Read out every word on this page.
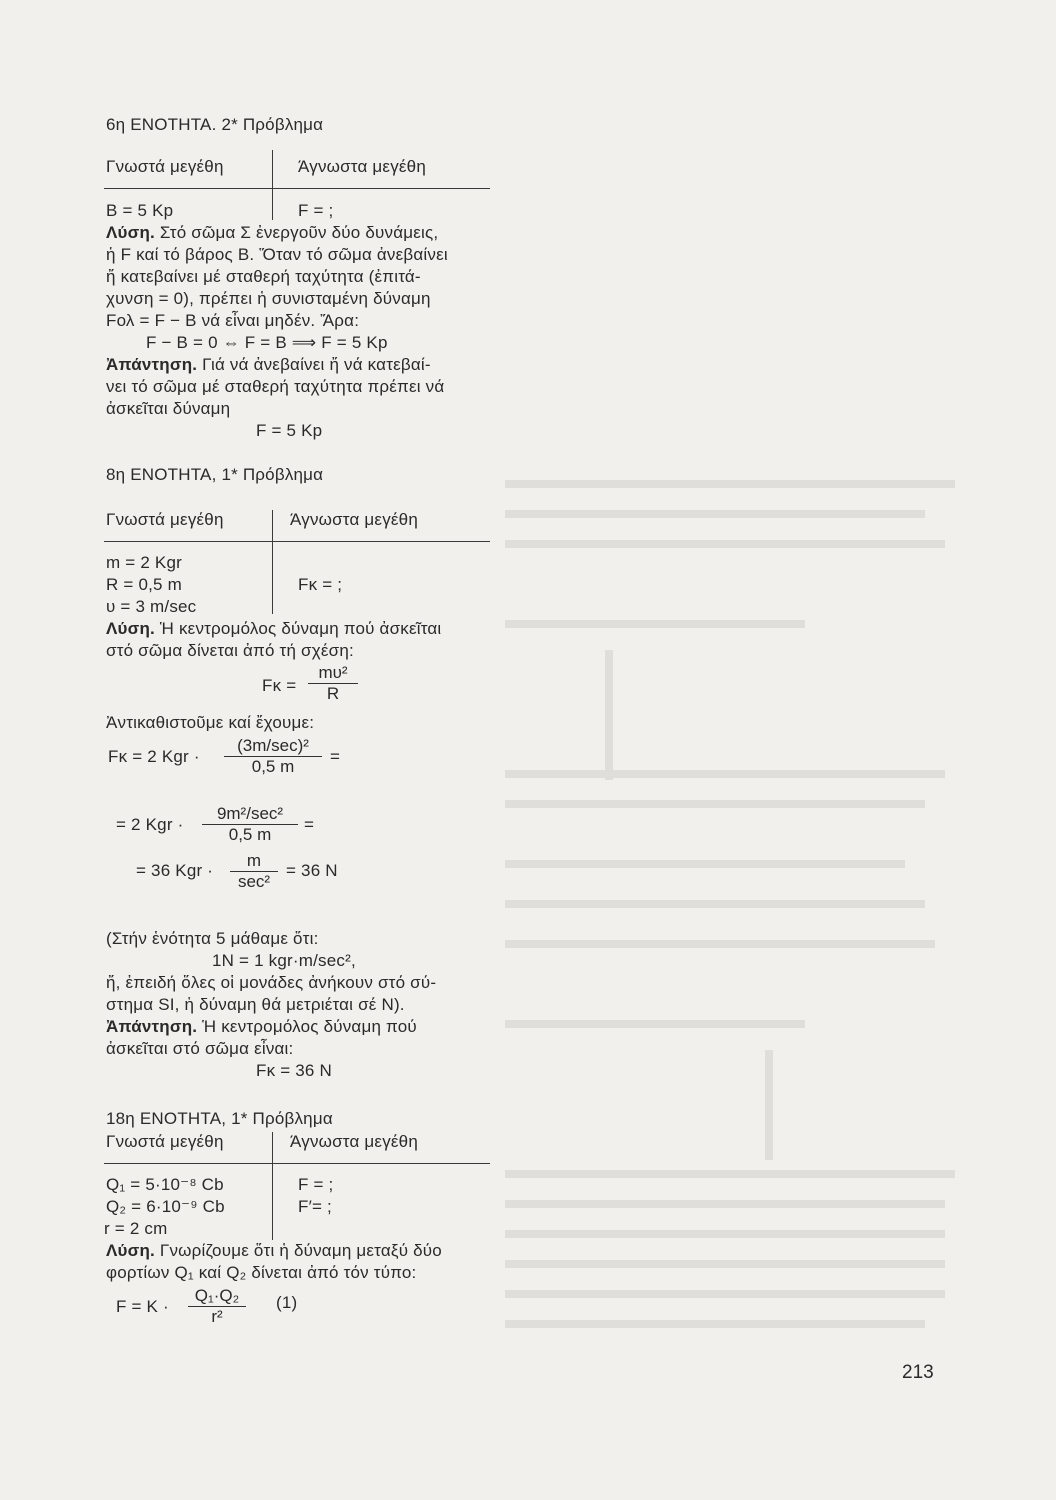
6η ΕΝΟΤΗΤΑ. 2* Πρόβλημα
Γνωστά μεγέθη	Άγνωστα μεγέθη
B = 5 Kp	F = ;
Λύση. Στό σῶμα Σ ἐνεργοῦν δύο δυνάμεις,
ἡ F καί τό βάρος B. Ὅταν τό σῶμα ἀνεβαίνει
ἤ κατεβαίνει μέ σταθερή ταχύτητα (ἐπιτά-
χυνση = 0), πρέπει ἡ συνισταμένη δύναμη
Fολ = F − B νά εἶναι μηδέν. Ἄρα:
F − B = 0 ⇔ F = B ⟹ F = 5 Kp
Ἀπάντηση. Γιά νά ἀνεβαίνει ἤ νά κατεβαί-
νει τό σῶμα μέ σταθερή ταχύτητα πρέπει νά
ἀσκεῖται δύναμη
F = 5 Kp
8η ΕΝΟΤΗΤΑ, 1* Πρόβλημα
Γνωστά μεγέθη	Άγνωστα μεγέθη
m = 2 Kgr
R = 0,5 m	Fκ = ;
υ = 3 m/sec
Λύση. Ἡ κεντρομόλος δύναμη πού ἀσκεῖται
στό σῶμα δίνεται ἀπό τή σχέση:
$F\kappa = \frac{\text{mυ²}}{R}$
Ἀντικαθιστοῦμε καί ἔχουμε:
Fκ = 2 Kgr ·
(3m/sec)²
0,5 m
=
= 2 Kgr ·
9m²/sec²
0,5 m
=
= 36 Kgr ·
m
sec²
= 36 N
(Στήν ἑνότητα 5 μάθαμε ὅτι:
1N = 1 kgr·m/sec²,
ἤ, ἐπειδή ὅλες οἱ μονάδες ἀνήκουν στό σύ-
στημα SI, ἡ δύναμη θά μετριέται σέ N).
Ἀπάντηση. Ἡ κεντρομόλος δύναμη πού
ἀσκεῖται στό σῶμα εἶναι:
Fκ = 36 N
18η ΕΝΟΤΗΤΑ, 1* Πρόβλημα
Γνωστά μεγέθη	Άγνωστα μεγέθη
Q₁ = 5·10⁻⁸ Cb	F = ;
Q₂ = 6·10⁻⁹ Cb	F′= ;
r = 2 cm
Λύση. Γνωρίζουμε ὅτι ἡ δύναμη μεταξύ δύο
φορτίων Q₁ καί Q₂ δίνεται ἀπό τόν τύπο:
$F = K \cdot \frac{\text{Q₁·Q₂}}{\text{r²}} (1)$
213
